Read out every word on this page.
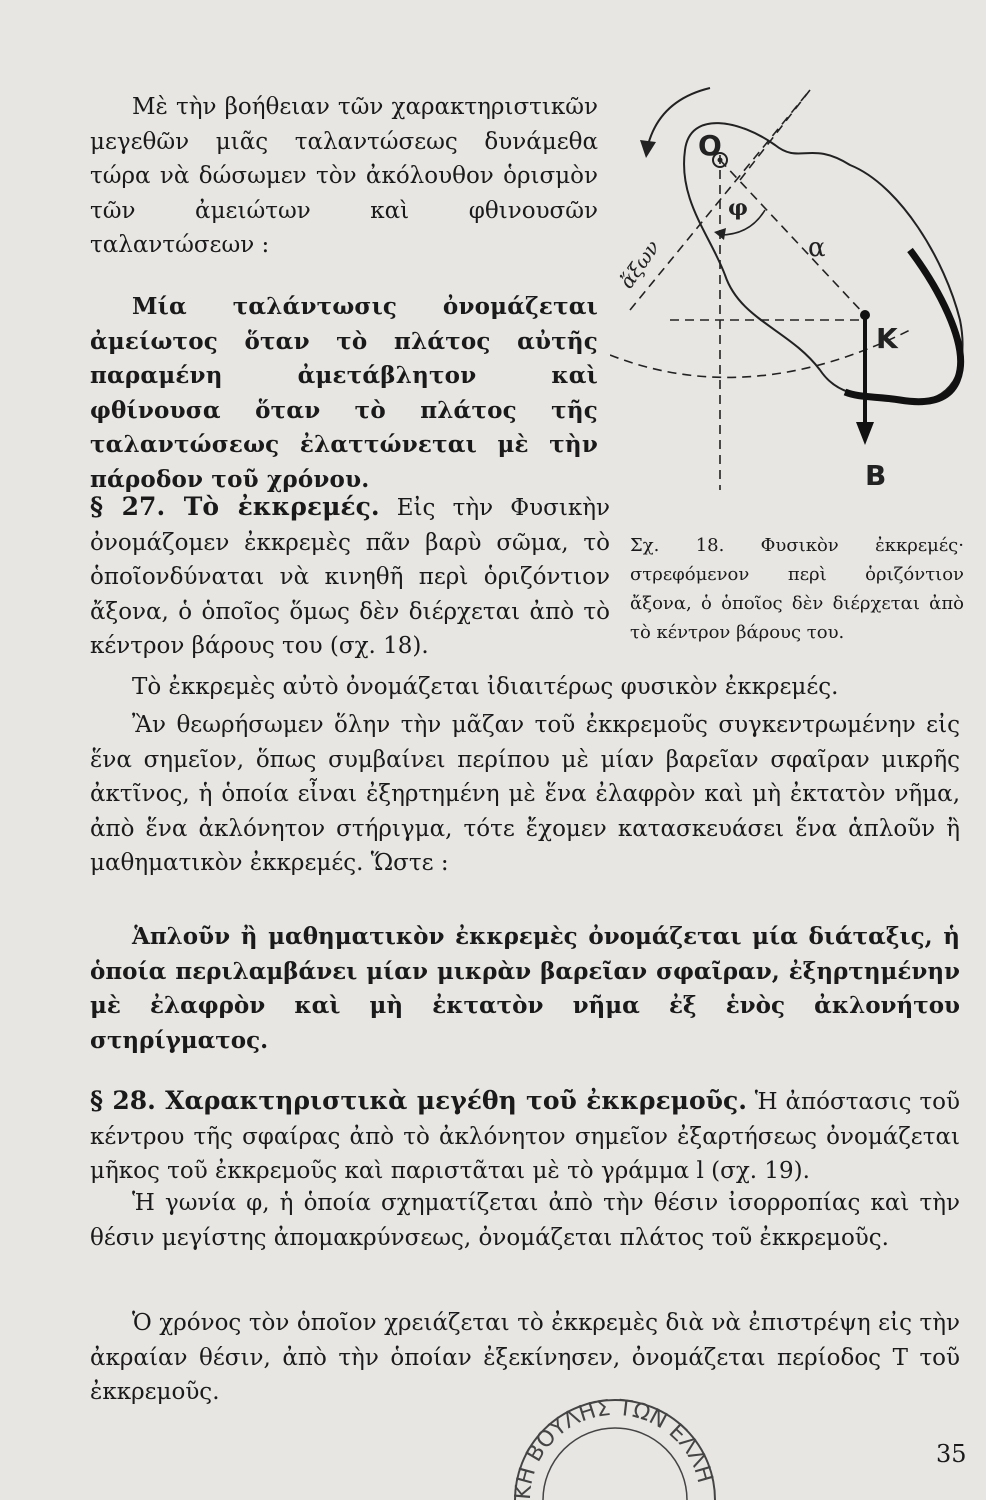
Μὲ τὴν βοήθειαν τῶν χαρακτηριστικῶν μεγεθῶν μιᾶς ταλαντώσεως δυνάμεθα τώρα νὰ δώσωμεν τὸν ἀκόλουθον ὁρισμὸν τῶν ἀμειώτων καὶ φθινουσῶν ταλαντώσεων :

Μία ταλάντωσις ὀνομάζεται ἀμείωτος ὅταν τὸ πλάτος αὐτῆς παραμένη ἀμετάβλητον καὶ φθίνουσα ὅταν τὸ πλάτος τῆς ταλαντώσεως ἐλαττώνεται μὲ τὴν πάροδον τοῦ χρόνου.

§ 27. Τὸ ἐκκρεμές. Εἰς τὴν Φυσικὴν ὀνομάζομεν ἐκκρεμὲς πᾶν βαρὺ σῶμα, τὸ ὁποῖονδύναται νὰ κινηθῆ περὶ ὁριζόντιον ἄξονα, ὁ ὁποῖος ὅμως δὲν διέρχεται ἀπὸ τὸ κέντρον βάρους του (σχ. 18).

O
φ
α
K
B
ἄξων

Σχ. 18. Φυσικὸν ἐκκρεμές· στρεφόμενον περὶ ὁριζόντιον ἄξονα, ὁ ὁποῖος δὲν διέρχεται ἀπὸ τὸ κέντρον βάρους του.

Τὸ ἐκκρεμὲς αὐτὸ ὀνομάζεται ἰδιαιτέρως φυσικὸν ἐκκρεμές.

Ἂν θεωρήσωμεν ὅλην τὴν μᾶζαν τοῦ ἐκκρεμοῦς συγκεντρωμένην εἰς ἕνα σημεῖον, ὅπως συμβαίνει περίπου μὲ μίαν βαρεῖαν σφαῖραν μικρῆς ἀκτῖνος, ἡ ὁποία εἶναι ἐξηρτημένη μὲ ἕνα ἐλαφρὸν καὶ μὴ ἐκτατὸν νῆμα, ἀπὸ ἕνα ἀκλόνητον στήριγμα, τότε ἔχομεν κατασκευάσει ἕνα ἁπλοῦν ἢ μαθηματικὸν ἐκκρεμές. Ὥστε :

Ἁπλοῦν ἢ μαθηματικὸν ἐκκρεμὲς ὀνομάζεται μία διάταξις, ἡ ὁποία περιλαμβάνει μίαν μικρὰν βαρεῖαν σφαῖραν, ἐξηρτημένην μὲ ἐλαφρὸν καὶ μὴ ἐκτατὸν νῆμα ἐξ ἑνὸς ἀκλονήτου στηρίγματος.

§ 28. Χαρακτηριστικὰ μεγέθη τοῦ ἐκκρεμοῦς. Ἡ ἀπόστασις τοῦ κέντρου τῆς σφαίρας ἀπὸ τὸ ἀκλόνητον σημεῖον ἐξαρτήσεως ὀνομάζεται μῆκος τοῦ ἐκκρεμοῦς καὶ παριστᾶται μὲ τὸ γράμμα l (σχ. 19).

Ἡ γωνία φ, ἡ ὁποία σχηματίζεται ἀπὸ τὴν θέσιν ἰσορροπίας καὶ τὴν θέσιν μεγίστης ἀπομακρύνσεως, ὀνομάζεται πλάτος τοῦ ἐκκρεμοῦς.

Ὁ χρόνος τὸν ὁποῖον χρειάζεται τὸ ἐκκρεμὲς διὰ νὰ ἐπιστρέψη εἰς τὴν ἀκραίαν θέσιν, ἀπὸ τὴν ὁποίαν ἐξεκίνησεν, ὀνομάζεται περίοδος Τ τοῦ ἐκκρεμοῦς.

ΚΗ ΒΟΥΛΗΣ ΤΩΝ ΕΛΛΗ
35
